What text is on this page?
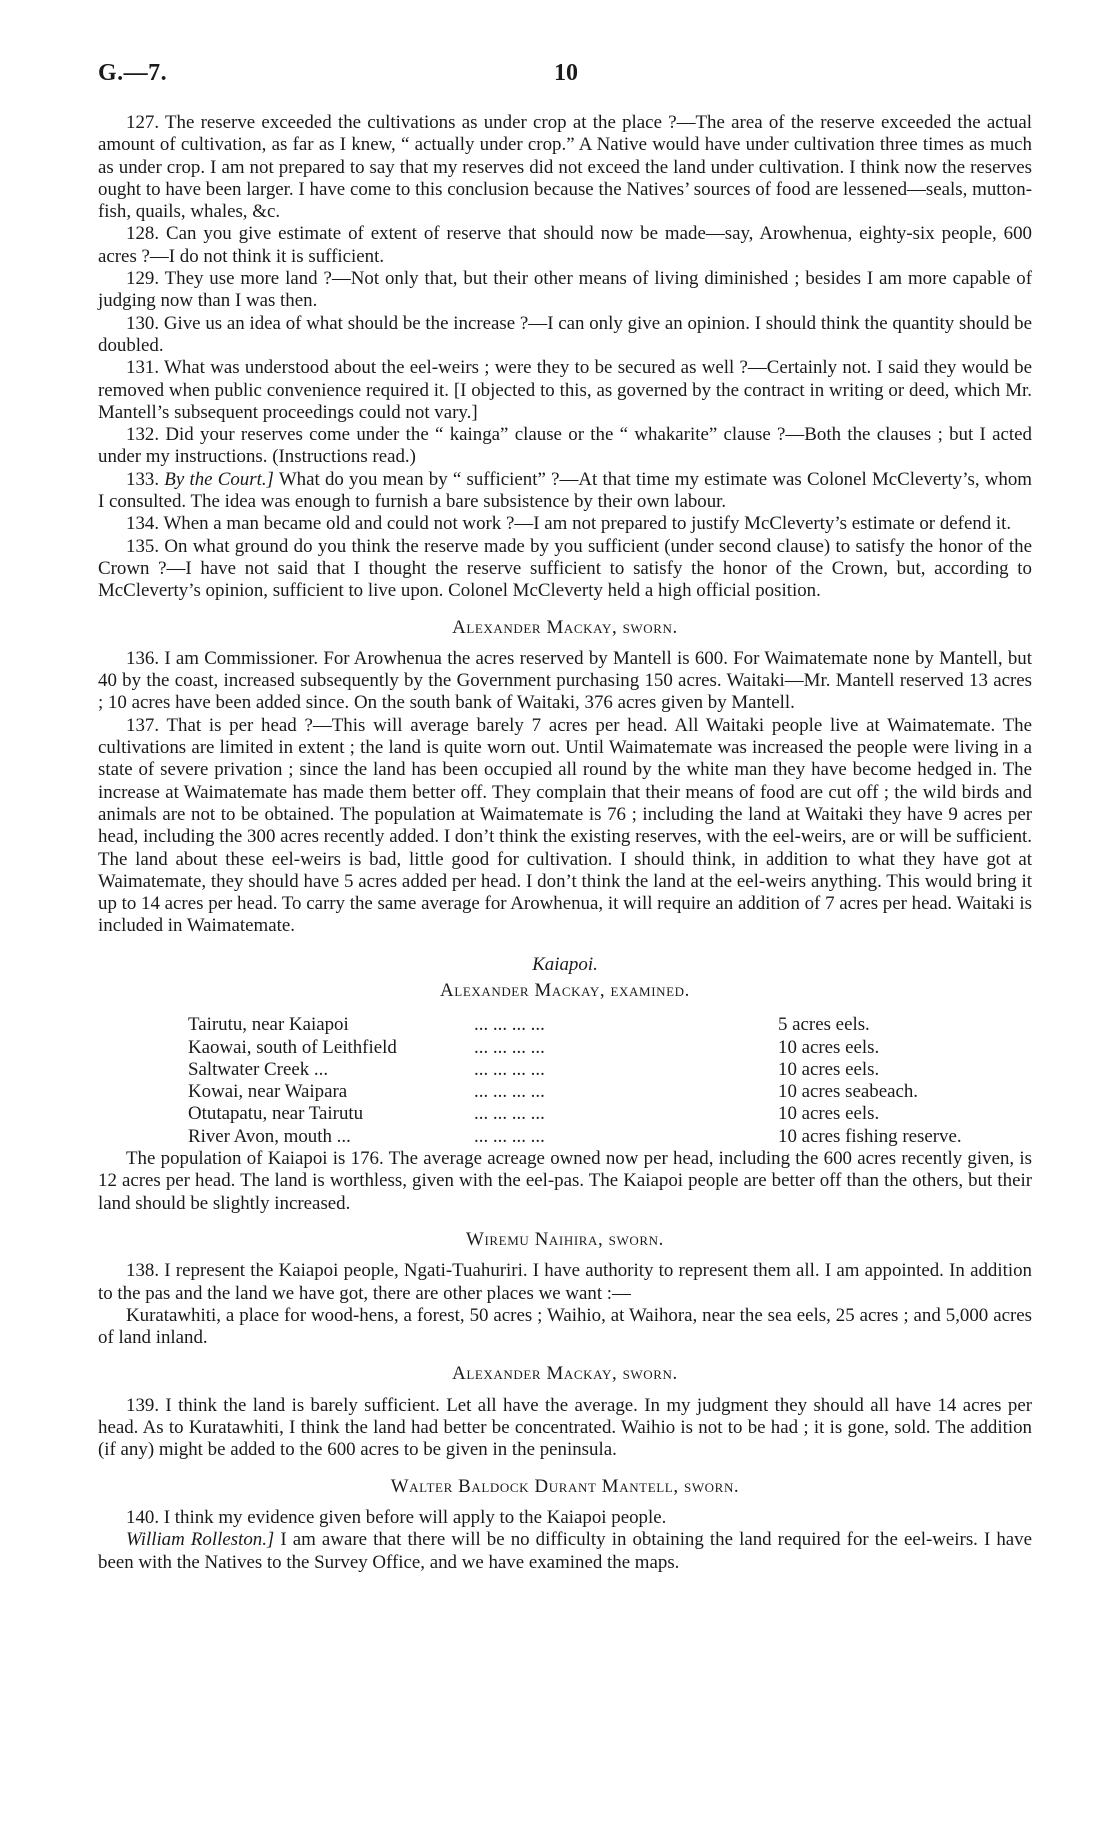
G.—7.	10

127. The reserve exceeded the cultivations as under crop at the place ?—The area of the reserve exceeded the actual amount of cultivation, as far as I knew, “ actually under crop.” A Native would have under cultivation three times as much as under crop. I am not prepared to say that my reserves did not exceed the land under cultivation. I think now the reserves ought to have been larger. I have come to this conclusion because the Natives’ sources of food are lessened—seals, mutton-fish, quails, whales, &c.

128. Can you give estimate of extent of reserve that should now be made—say, Arowhenua, eighty-six people, 600 acres ?—I do not think it is sufficient.

129. They use more land ?—Not only that, but their other means of living diminished ; besides I am more capable of judging now than I was then.

130. Give us an idea of what should be the increase ?—I can only give an opinion. I should think the quantity should be doubled.

131. What was understood about the eel-weirs ; were they to be secured as well ?—Certainly not. I said they would be removed when public convenience required it. [I objected to this, as governed by the contract in writing or deed, which Mr. Mantell’s subsequent proceedings could not vary.]

132. Did your reserves come under the “ kainga” clause or the “ whakarite” clause ?—Both the clauses ; but I acted under my instructions. (Instructions read.)

133. By the Court.] What do you mean by “ sufficient” ?—At that time my estimate was Colonel McCleverty’s, whom I consulted. The idea was enough to furnish a bare subsistence by their own labour.

134. When a man became old and could not work ?—I am not prepared to justify McCleverty’s estimate or defend it.

135. On what ground do you think the reserve made by you sufficient (under second clause) to satisfy the honor of the Crown ?—I have not said that I thought the reserve sufficient to satisfy the honor of the Crown, but, according to McCleverty’s opinion, sufficient to live upon. Colonel McCleverty held a high official position.

Alexander Mackay, sworn.

136. I am Commissioner. For Arowhenua the acres reserved by Mantell is 600. For Waimatemate none by Mantell, but 40 by the coast, increased subsequently by the Government purchasing 150 acres. Waitaki—Mr. Mantell reserved 13 acres ; 10 acres have been added since. On the south bank of Waitaki, 376 acres given by Mantell.

137. That is per head ?—This will average barely 7 acres per head. All Waitaki people live at Waimatemate. The cultivations are limited in extent ; the land is quite worn out. Until Waimatemate was increased the people were living in a state of severe privation ; since the land has been occupied all round by the white man they have become hedged in. The increase at Waimatemate has made them better off. They complain that their means of food are cut off ; the wild birds and animals are not to be obtained. The population at Waimatemate is 76 ; including the land at Waitaki they have 9 acres per head, including the 300 acres recently added. I don’t think the existing reserves, with the eel-weirs, are or will be sufficient. The land about these eel-weirs is bad, little good for cultivation. I should think, in addition to what they have got at Waimatemate, they should have 5 acres added per head. I don’t think the land at the eel-weirs anything. This would bring it up to 14 acres per head. To carry the same average for Arowhenua, it will require an addition of 7 acres per head. Waitaki is included in Waimatemate.

Kaiapoi.
Alexander Mackay, examined.
Tairutu, near Kaiapoi	... ... ... ...	5 acres eels.
Kaowai, south of Leithfield	... ... ... ...	10 acres eels.
Saltwater Creek ...	... ... ... ...	10 acres eels.
Kowai, near Waipara	... ... ... ...	10 acres seabeach.
Otutapatu, near Tairutu	... ... ... ...	10 acres eels.
River Avon, mouth ...	... ... ... ...	10 acres fishing reserve.

The population of Kaiapoi is 176. The average acreage owned now per head, including the 600 acres recently given, is 12 acres per head. The land is worthless, given with the eel-pas. The Kaiapoi people are better off than the others, but their land should be slightly increased.

Wiremu Naihira, sworn.

138. I represent the Kaiapoi people, Ngati-Tuahuriri. I have authority to represent them all. I am appointed. In addition to the pas and the land we have got, there are other places we want :—

Kuratawhiti, a place for wood-hens, a forest, 50 acres ; Waihio, at Waihora, near the sea eels, 25 acres ; and 5,000 acres of land inland.

Alexander Mackay, sworn.

139. I think the land is barely sufficient. Let all have the average. In my judgment they should all have 14 acres per head. As to Kuratawhiti, I think the land had better be concentrated. Waihio is not to be had ; it is gone, sold. The addition (if any) might be added to the 600 acres to be given in the peninsula.

Walter Baldock Durant Mantell, sworn.

140. I think my evidence given before will apply to the Kaiapoi people.

William Rolleston.] I am aware that there will be no difficulty in obtaining the land required for the eel-weirs. I have been with the Natives to the Survey Office, and we have examined the maps.
